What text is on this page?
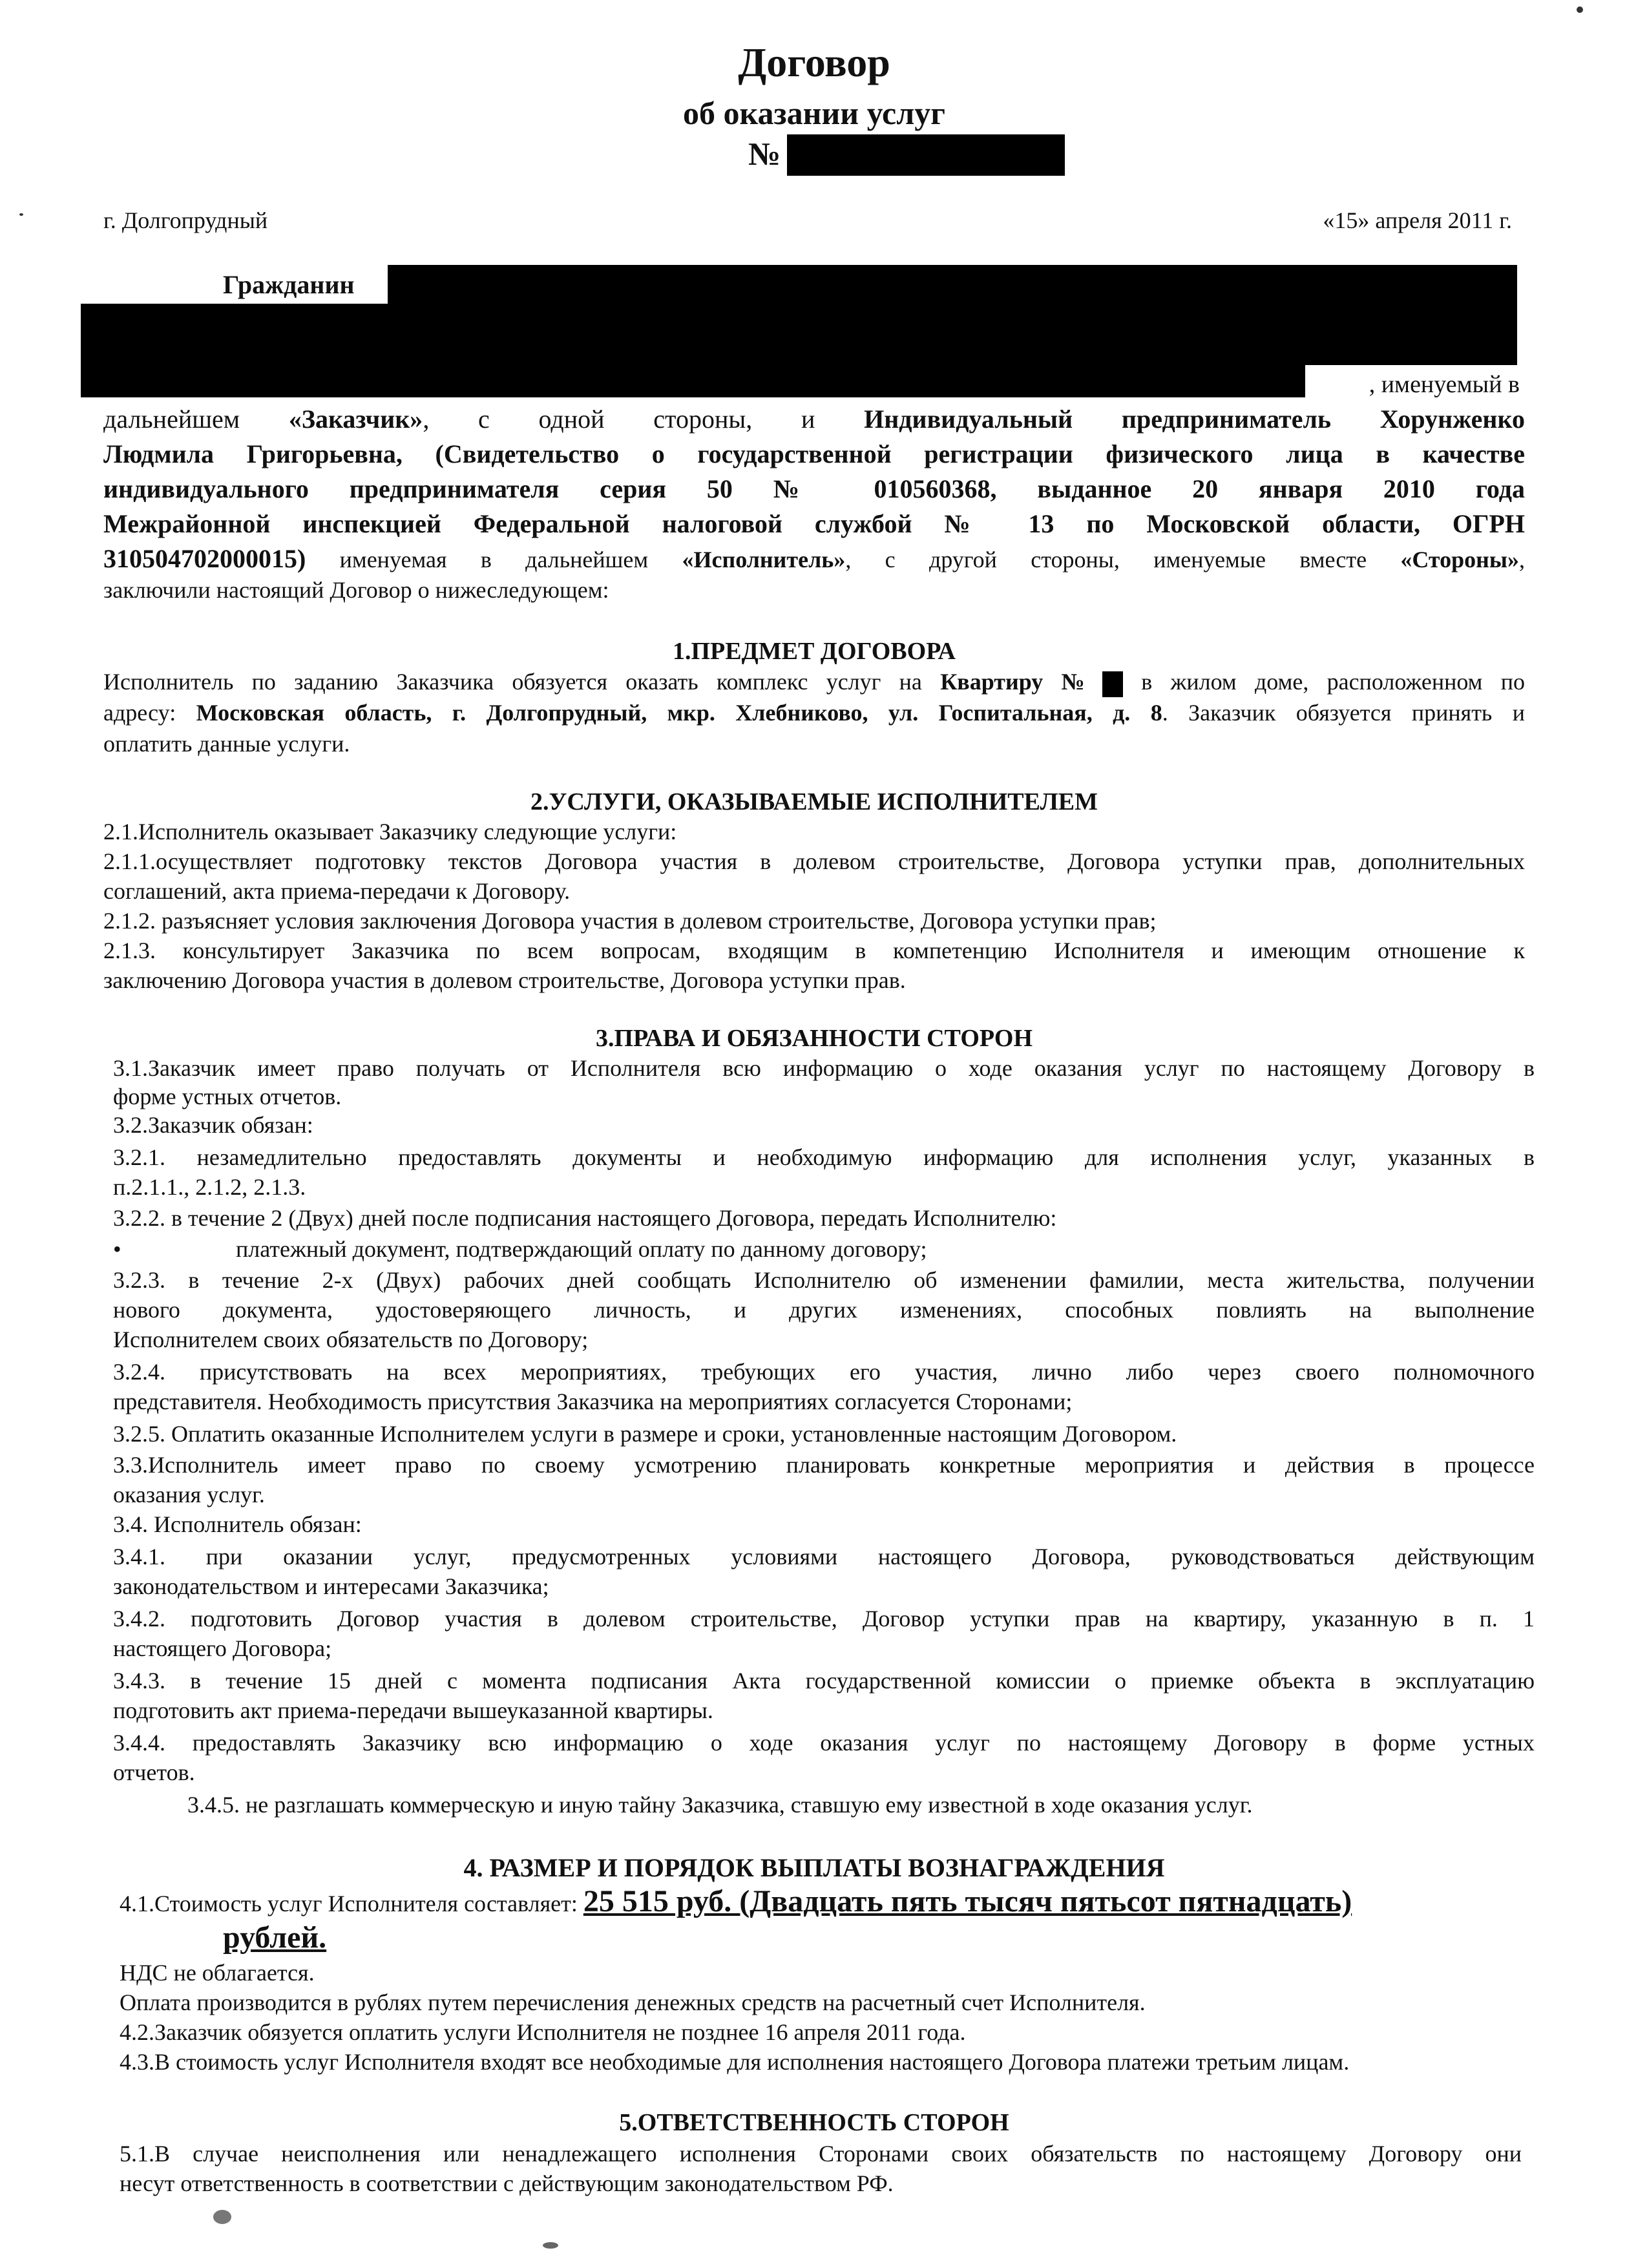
Договор
об оказании услуг
№
г. Долгопрудный	«15» апреля 2011 г.
Гражданин
, именуемый в
дальнейшем «Заказчик», с одной стороны, и Индивидуальный предприниматель Хорунженко
Людмила Григорьевна, (Свидетельство о государственной регистрации физического лица в качестве
индивидуального предпринимателя серия 50 № 010560368, выданное 20 января 2010 года
Межрайонной инспекцией Федеральной налоговой службой № 13 по Московской области, ОГРН
310504702000015) именуемая в дальнейшем «Исполнитель», с другой стороны, именуемые вместе «Стороны»,
заключили настоящий Договор о нижеследующем:
1.ПРЕДМЕТ ДОГОВОРА
Исполнитель по заданию Заказчика обязуется оказать комплекс услуг на Квартиру № в жилом доме, расположенном по
адресу: Московская область, г. Долгопрудный, мкр. Хлебниково, ул. Госпитальная, д. 8. Заказчик обязуется принять и
оплатить данные услуги.
2.УСЛУГИ, ОКАЗЫВАЕМЫЕ ИСПОЛНИТЕЛЕМ
2.1.Исполнитель оказывает Заказчику следующие услуги:
2.1.1.осуществляет подготовку текстов Договора участия в долевом строительстве, Договора уступки прав, дополнительных
соглашений, акта приема-передачи к Договору.
2.1.2. разъясняет условия заключения Договора участия в долевом строительстве, Договора уступки прав;
2.1.3. консультирует Заказчика по всем вопросам, входящим в компетенцию Исполнителя и имеющим отношение к
заключению Договора участия в долевом строительстве, Договора уступки прав.
3.ПРАВА И ОБЯЗАННОСТИ СТОРОН
3.1.Заказчик имеет право получать от Исполнителя всю информацию о ходе оказания услуг по настоящему Договору в
форме устных отчетов.
3.2.Заказчик обязан:
3.2.1. незамедлительно предоставлять документы и необходимую информацию для исполнения услуг, указанных в
п.2.1.1., 2.1.2, 2.1.3.
3.2.2. в течение 2 (Двух) дней после подписания настоящего Договора, передать Исполнителю:
•	платежный документ, подтверждающий оплату по данному договору;
3.2.3. в течение 2-х (Двух) рабочих дней сообщать Исполнителю об изменении фамилии, места жительства, получении
нового документа, удостоверяющего личность, и других изменениях, способных повлиять на выполнение
Исполнителем своих обязательств по Договору;
3.2.4. присутствовать на всех мероприятиях, требующих его участия, лично либо через своего полномочного
представителя. Необходимость присутствия Заказчика на мероприятиях согласуется Сторонами;
3.2.5. Оплатить оказанные Исполнителем услуги в размере и сроки, установленные настоящим Договором.
3.3.Исполнитель имеет право по своему усмотрению планировать конкретные мероприятия и действия в процессе
оказания услуг.
3.4. Исполнитель обязан:
3.4.1. при оказании услуг, предусмотренных условиями настоящего Договора, руководствоваться действующим
законодательством и интересами Заказчика;
3.4.2. подготовить Договор участия в долевом строительстве, Договор уступки прав на квартиру, указанную в п. 1
настоящего Договора;
3.4.3. в течение 15 дней с момента подписания Акта государственной комиссии о приемке объекта в эксплуатацию
подготовить акт приема-передачи вышеуказанной квартиры.
3.4.4. предоставлять Заказчику всю информацию о ходе оказания услуг по настоящему Договору в форме устных
отчетов.
3.4.5. не разглашать коммерческую и иную тайну Заказчика, ставшую ему известной в ходе оказания услуг.
4. РАЗМЕР И ПОРЯДОК ВЫПЛАТЫ ВОЗНАГРАЖДЕНИЯ
4.1.Стоимость услуг Исполнителя составляет: 25 515 руб. (Двадцать пять тысяч пятьсот пятнадцать)
рублей.
НДС не облагается.
Оплата производится в рублях путем перечисления денежных средств на расчетный счет Исполнителя.
4.2.Заказчик обязуется оплатить услуги Исполнителя не позднее 16 апреля 2011 года.
4.3.В стоимость услуг Исполнителя входят все необходимые для исполнения настоящего Договора платежи третьим лицам.
5.ОТВЕТСТВЕННОСТЬ СТОРОН
5.1.В случае неисполнения или ненадлежащего исполнения Сторонами своих обязательств по настоящему Договору они
несут ответственность в соответствии с действующим законодательством РФ.
